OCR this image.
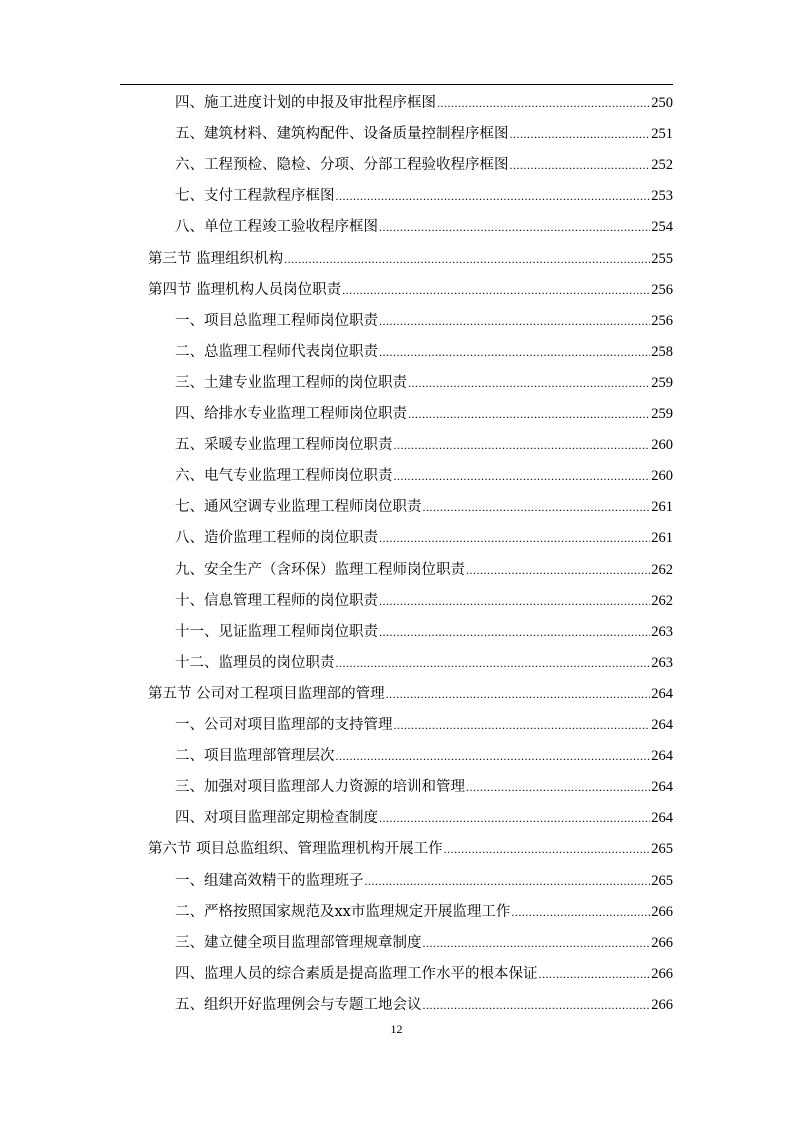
四、施工进度计划的申报及审批程序框图 .....	250
五、建筑材料、建筑构配件、设备质量控制程序框图 .....	251
六、工程预检、隐检、分项、分部工程验收程序框图 .....	252
七、支付工程款程序框图 .....	253
八、单位工程竣工验收程序框图 .....	254
第三节 监理组织机构 .....	255
第四节 监理机构人员岗位职责 .....	256
一、项目总监理工程师岗位职责 .....	256
二、总监理工程师代表岗位职责 .....	258
三、土建专业监理工程师的岗位职责 .....	259
四、给排水专业监理工程师岗位职责 .....	259
五、采暖专业监理工程师岗位职责 .....	260
六、电气专业监理工程师岗位职责 .....	260
七、通风空调专业监理工程师岗位职责 .....	261
八、造价监理工程师的岗位职责 .....	261
九、安全生产（含环保）监理工程师岗位职责 .....	262
十、信息管理工程师的岗位职责 .....	262
十一、见证监理工程师岗位职责 .....	263
十二、监理员的岗位职责 .....	263
第五节 公司对工程项目监理部的管理 .....	264
一、公司对项目监理部的支持管理 .....	264
二、项目监理部管理层次 .....	264
三、加强对项目监理部人力资源的培训和管理 .....	264
四、对项目监理部定期检查制度 .....	264
第六节 项目总监组织、管理监理机构开展工作 .....	265
一、组建高效精干的监理班子 .....	265
二、严格按照国家规范及xx市监理规定开展监理工作 .....	266
三、建立健全项目监理部管理规章制度 .....	266
四、监理人员的综合素质是提高监理工作水平的根本保证 .....	266
五、组织开好监理例会与专题工地会议 .....	266
12
